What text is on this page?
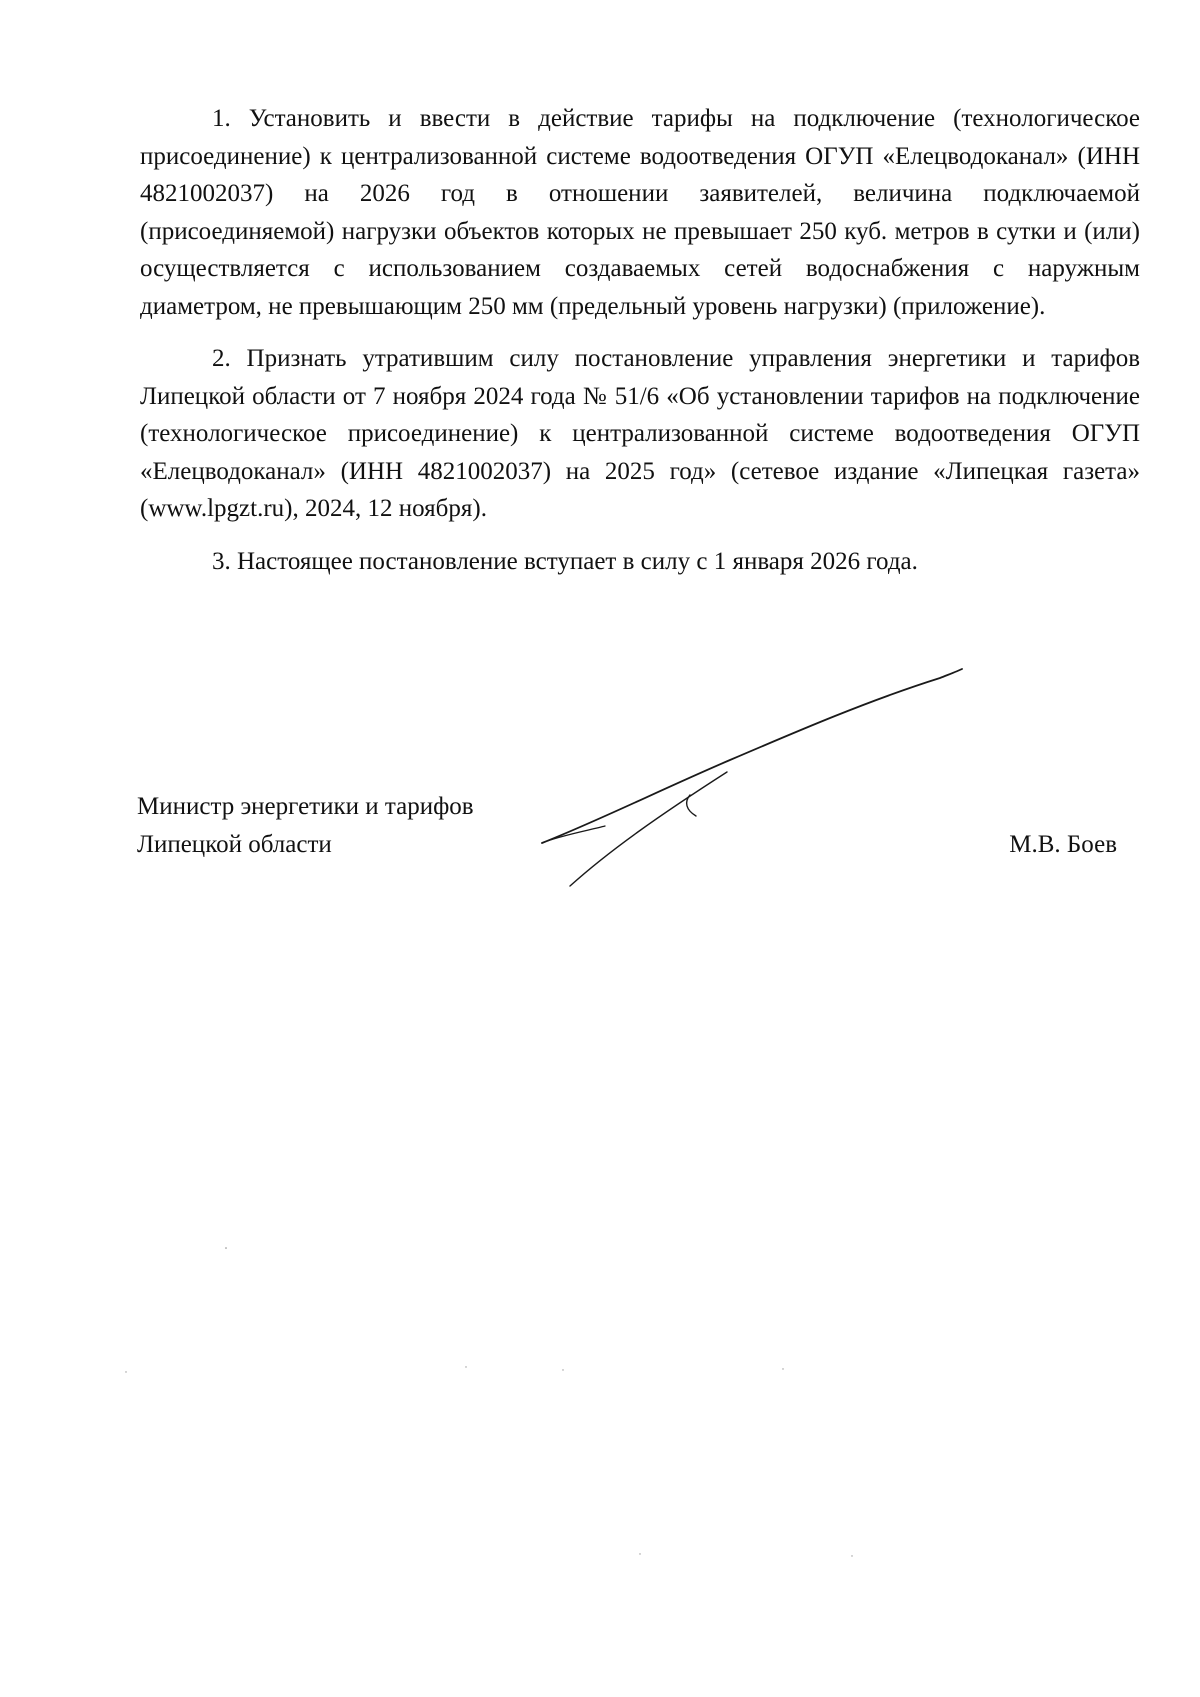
1. Установить и ввести в действие тарифы на подключение (технологическое присоединение) к централизованной системе водоотведения ОГУП «Елецводоканал» (ИНН 4821002037) на 2026 год в отношении заявителей, величина подключаемой (присоединяемой) нагрузки объектов которых не превышает 250 куб. метров в сутки и (или) осуществляется с использованием создаваемых сетей водоснабжения с наружным диаметром, не превышающим 250 мм (предельный уровень нагрузки) (приложение).

2. Признать утратившим силу постановление управления энергетики и тарифов Липецкой области от 7 ноября 2024 года № 51/6 «Об установлении тарифов на подключение (технологическое присоединение) к централизованной системе водоотведения ОГУП «Елецводоканал» (ИНН 4821002037) на 2025 год» (сетевое издание «Липецкая газета» (www.lpgzt.ru), 2024, 12 ноября).

3. Настоящее постановление вступает в силу с 1 января 2026 года.

Министр энергетики и тарифов
Липецкой области	М.В. Боев
